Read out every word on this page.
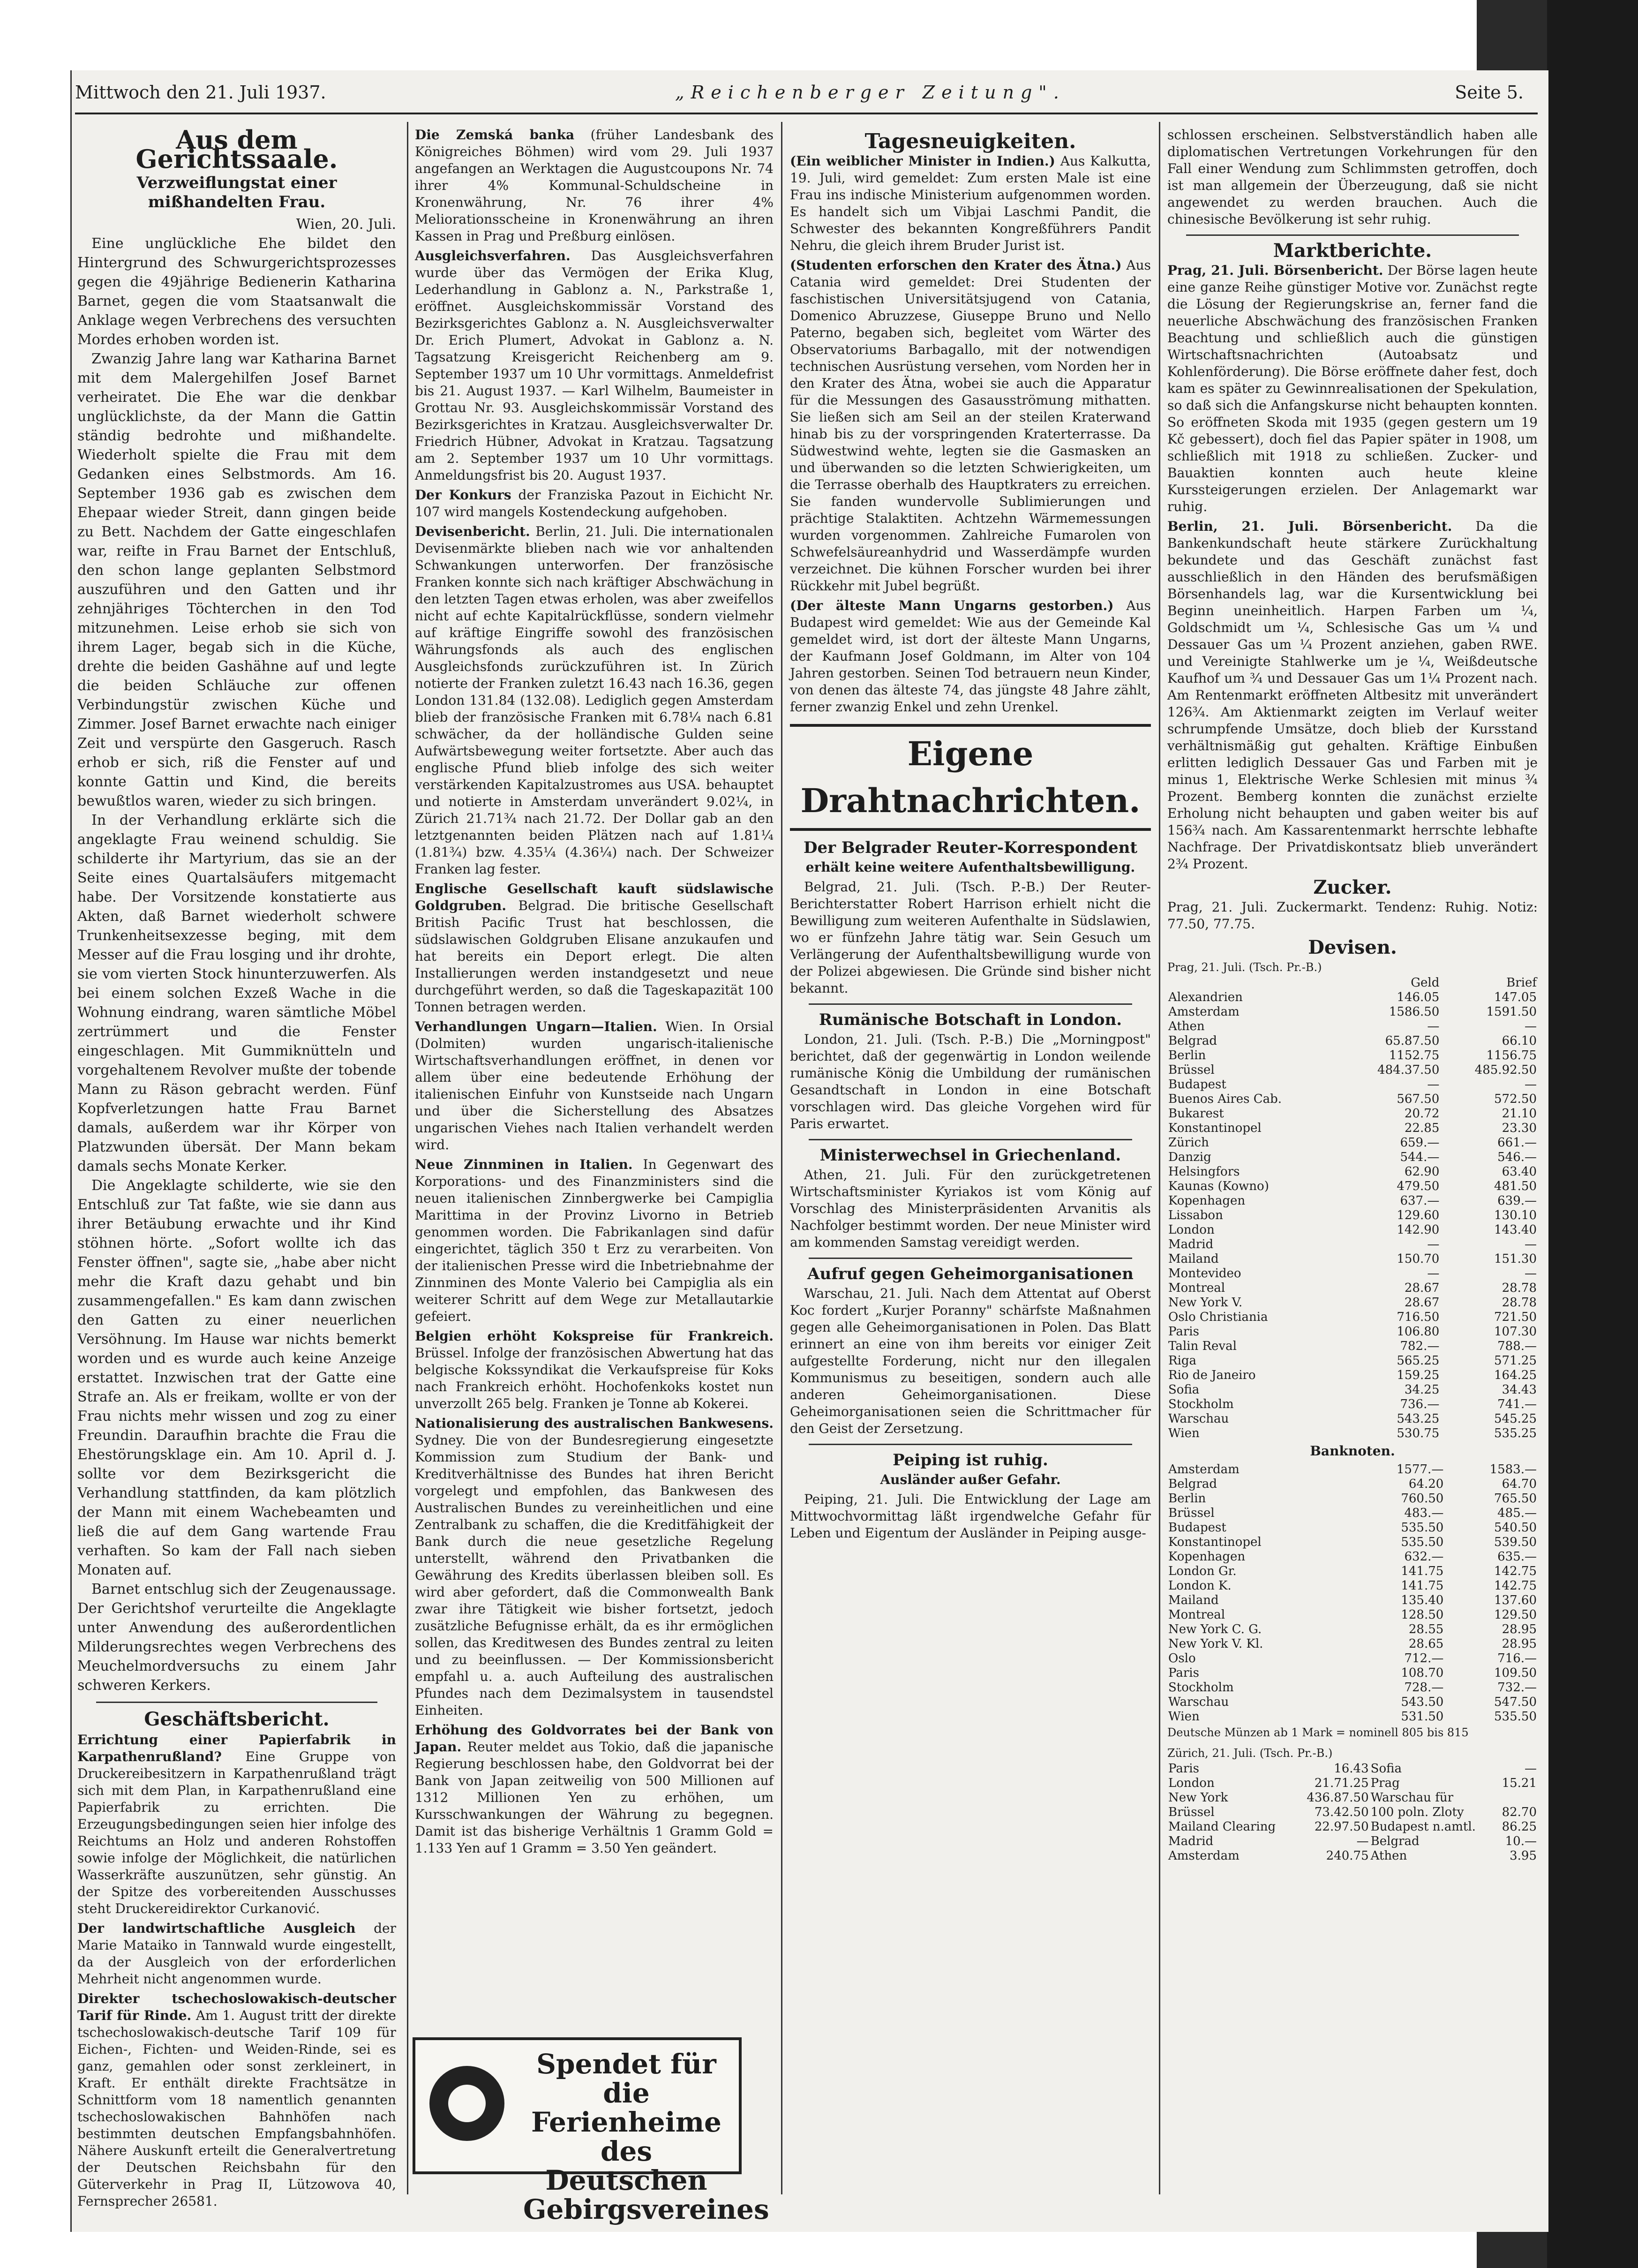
Mittwoch den 21. Juli 1937.	„Reichenberger Zeitung".	Seite 5.
Aus dem Gerichtssaale.
Verzweiflungstat einer mißhandelten Frau.
Wien, 20. Juli.

Eine unglückliche Ehe bildet den Hintergrund des Schwurgerichtsprozesses gegen die 49jährige Bedienerin Katharina Barnet, gegen die vom Staatsanwalt die Anklage wegen Verbrechens des versuchten Mordes erhoben worden ist.

Zwanzig Jahre lang war Katharina Barnet mit dem Malergehilfen Josef Barnet verheiratet. Die Ehe war die denkbar unglücklichste, da der Mann die Gattin ständig bedrohte und mißhandelte. Wiederholt spielte die Frau mit dem Gedanken eines Selbstmords. Am 16. September 1936 gab es zwischen dem Ehepaar wieder Streit, dann gingen beide zu Bett. Nachdem der Gatte eingeschlafen war, reifte in Frau Barnet der Entschluß, den schon lange geplanten Selbstmord auszuführen und den Gatten und ihr zehnjähriges Töchterchen in den Tod mitzunehmen. Leise erhob sie sich von ihrem Lager, begab sich in die Küche, drehte die beiden Gashähne auf und legte die beiden Schläuche zur offenen Verbindungstür zwischen Küche und Zimmer. Josef Barnet erwachte nach einiger Zeit und verspürte den Gasgeruch. Rasch erhob er sich, riß die Fenster auf und konnte Gattin und Kind, die bereits bewußtlos waren, wieder zu sich bringen.

In der Verhandlung erklärte sich die angeklagte Frau weinend schuldig. Sie schilderte ihr Martyrium, das sie an der Seite eines Quartalsäufers mitgemacht habe. Der Vorsitzende konstatierte aus Akten, daß Barnet wiederholt schwere Trunkenheitsexzesse beging, mit dem Messer auf die Frau losging und ihr drohte, sie vom vierten Stock hinunterzuwerfen. Als bei einem solchen Exzeß Wache in die Wohnung eindrang, waren sämtliche Möbel zertrümmert und die Fenster eingeschlagen. Mit Gummiknütteln und vorgehaltenem Revolver mußte der tobende Mann zu Räson gebracht werden. Fünf Kopfverletzungen hatte Frau Barnet damals, außerdem war ihr Körper von Platzwunden übersät. Der Mann bekam damals sechs Monate Kerker.

Die Angeklagte schilderte, wie sie den Entschluß zur Tat faßte, wie sie dann aus ihrer Betäubung erwachte und ihr Kind stöhnen hörte. „Sofort wollte ich das Fenster öffnen", sagte sie, „habe aber nicht mehr die Kraft dazu gehabt und bin zusammengefallen." Es kam dann zwischen den Gatten zu einer neuerlichen Versöhnung. Im Hause war nichts bemerkt worden und es wurde auch keine Anzeige erstattet. Inzwischen trat der Gatte eine Strafe an. Als er freikam, wollte er von der Frau nichts mehr wissen und zog zu einer Freundin. Daraufhin brachte die Frau die Ehestörungsklage ein. Am 10. April d. J. sollte vor dem Bezirksgericht die Verhandlung stattfinden, da kam plötzlich der Mann mit einem Wachebeamten und ließ die auf dem Gang wartende Frau verhaften. So kam der Fall nach sieben Monaten auf.

Barnet entschlug sich der Zeugenaussage. Der Gerichtshof verurteilte die Angeklagte unter Anwendung des außerordentlichen Milderungsrechtes wegen Verbrechens des Meuchelmordversuchs zu einem Jahr schweren Kerkers.

Geschäftsbericht.
Errichtung einer Papierfabrik in Karpathenrußland? Eine Gruppe von Druckereibesitzern in Karpathenrußland trägt sich mit dem Plan, in Karpathenrußland eine Papierfabrik zu errichten. Die Erzeugungsbedingungen seien hier infolge des Reichtums an Holz und anderen Rohstoffen sowie infolge der Möglichkeit, die natürlichen Wasserkräfte auszunützen, sehr günstig. An der Spitze des vorbereitenden Ausschusses steht Druckereidirektor Curkanović.
Der landwirtschaftliche Ausgleich der Marie Mataiko in Tannwald wurde eingestellt, da der Ausgleich von der erforderlichen Mehrheit nicht angenommen wurde.
Direkter tschechoslowakisch-deutscher Tarif für Rinde. Am 1. August tritt der direkte tschechoslowakisch-deutsche Tarif 109 für Eichen-, Fichten- und Weiden-Rinde, sei es ganz, gemahlen oder sonst zerkleinert, in Kraft. Er enthält direkte Frachtsätze in Schnittform vom 18 namentlich genannten tschechoslowakischen Bahnhöfen nach bestimmten deutschen Empfangsbahnhöfen. Nähere Auskunft erteilt die Generalvertretung der Deutschen Reichsbahn für den Güterverkehr in Prag II, Lützowova 40, Fernsprecher 26581.
Die Zemská banka (früher Landesbank des Königreiches Böhmen) wird vom 29. Juli 1937 angefangen an Werktagen die Augustcoupons Nr. 74 ihrer 4% Kommunal-Schuldscheine in Kronenwährung, Nr. 76 ihrer 4% Meliorationsscheine in Kronenwährung an ihren Kassen in Prag und Preßburg einlösen.
Ausgleichsverfahren. Das Ausgleichsverfahren wurde über das Vermögen der Erika Klug, Lederhandlung in Gablonz a. N., Parkstraße 1, eröffnet. Ausgleichskommissär Vorstand des Bezirksgerichtes Gablonz a. N. Ausgleichsverwalter Dr. Erich Plumert, Advokat in Gablonz a. N. Tagsatzung Kreisgericht Reichenberg am 9. September 1937 um 10 Uhr vormittags. Anmeldefrist bis 21. August 1937. — Karl Wilhelm, Baumeister in Grottau Nr. 93. Ausgleichskommissär Vorstand des Bezirksgerichtes in Kratzau. Ausgleichsverwalter Dr. Friedrich Hübner, Advokat in Kratzau. Tagsatzung am 2. September 1937 um 10 Uhr vormittags. Anmeldungsfrist bis 20. August 1937.
Der Konkurs der Franziska Pazout in Eichicht Nr. 107 wird mangels Kostendeckung aufgehoben.
Devisenbericht. Berlin, 21. Juli. Die internationalen Devisenmärkte blieben nach wie vor anhaltenden Schwankungen unterworfen. Der französische Franken konnte sich nach kräftiger Abschwächung in den letzten Tagen etwas erholen, was aber zweifellos nicht auf echte Kapitalrückflüsse, sondern vielmehr auf kräftige Eingriffe sowohl des französischen Währungsfonds als auch des englischen Ausgleichsfonds zurückzuführen ist. In Zürich notierte der Franken zuletzt 16.43 nach 16.36, gegen London 131.84 (132.08). Lediglich gegen Amsterdam blieb der französische Franken mit 6.78¼ nach 6.81 schwächer, da der holländische Gulden seine Aufwärtsbewegung weiter fortsetzte. Aber auch das englische Pfund blieb infolge des sich weiter verstärkenden Kapitalzustromes aus USA. behauptet und notierte in Amsterdam unverändert 9.02¼, in Zürich 21.71¾ nach 21.72. Der Dollar gab an den letztgenannten beiden Plätzen nach auf 1.81¼ (1.81¾) bzw. 4.35¼ (4.36¼) nach. Der Schweizer Franken lag fester.
Englische Gesellschaft kauft südslawische Goldgruben. Belgrad. Die britische Gesellschaft British Pacific Trust hat beschlossen, die südslawischen Goldgruben Elisane anzukaufen und hat bereits ein Deport erlegt. Die alten Installierungen werden instandgesetzt und neue durchgeführt werden, so daß die Tageskapazität 100 Tonnen betragen werden.
Verhandlungen Ungarn—Italien. Wien. In Orsial (Dolmiten) wurden ungarisch-italienische Wirtschaftsverhandlungen eröffnet, in denen vor allem über eine bedeutende Erhöhung der italienischen Einfuhr von Kunstseide nach Ungarn und über die Sicherstellung des Absatzes ungarischen Viehes nach Italien verhandelt werden wird.
Neue Zinnminen in Italien. In Gegenwart des Korporations- und des Finanzministers sind die neuen italienischen Zinnbergwerke bei Campiglia Marittima in der Provinz Livorno in Betrieb genommen worden. Die Fabrikanlagen sind dafür eingerichtet, täglich 350 t Erz zu verarbeiten. Von der italienischen Presse wird die Inbetriebnahme der Zinnminen des Monte Valerio bei Campiglia als ein weiterer Schritt auf dem Wege zur Metallautarkie gefeiert.
Belgien erhöht Kokspreise für Frankreich. Brüssel. Infolge der französischen Abwertung hat das belgische Kokssyndikat die Verkaufspreise für Koks nach Frankreich erhöht. Hochofenkoks kostet nun unverzollt 265 belg. Franken je Tonne ab Kokerei.
Nationalisierung des australischen Bankwesens. Sydney. Die von der Bundesregierung eingesetzte Kommission zum Studium der Bank- und Kreditverhältnisse des Bundes hat ihren Bericht vorgelegt und empfohlen, das Bankwesen des Australischen Bundes zu vereinheitlichen und eine Zentralbank zu schaffen, die die Kreditfähigkeit der Bank durch die neue gesetzliche Regelung unterstellt, während den Privatbanken die Gewährung des Kredits überlassen bleiben soll. Es wird aber gefordert, daß die Commonwealth Bank zwar ihre Tätigkeit wie bisher fortsetzt, jedoch zusätzliche Befugnisse erhält, da es ihr ermöglichen sollen, das Kreditwesen des Bundes zentral zu leiten und zu beeinflussen. — Der Kommissionsbericht empfahl u. a. auch Aufteilung des australischen Pfundes nach dem Dezimalsystem in tausendstel Einheiten.
Erhöhung des Goldvorrates bei der Bank von Japan. Reuter meldet aus Tokio, daß die japanische Regierung beschlossen habe, den Goldvorrat bei der Bank von Japan zeitweilig von 500 Millionen auf 1312 Millionen Yen zu erhöhen, um Kursschwankungen der Währung zu begegnen. Damit ist das bisherige Verhältnis 1 Gramm Gold = 1.133 Yen auf 1 Gramm = 3.50 Yen geändert.
Spendet für die Ferienheime des Deutschen Gebirgsvereines
Tagesneuigkeiten.
(Ein weiblicher Minister in Indien.) Aus Kalkutta, 19. Juli, wird gemeldet: Zum ersten Male ist eine Frau ins indische Ministerium aufgenommen worden. Es handelt sich um Vibjai Laschmi Pandit, die Schwester des bekannten Kongreßführers Pandit Nehru, die gleich ihrem Bruder Jurist ist.
(Studenten erforschen den Krater des Ätna.) Aus Catania wird gemeldet: Drei Studenten der faschistischen Universitätsjugend von Catania, Domenico Abruzzese, Giuseppe Bruno und Nello Paterno, begaben sich, begleitet vom Wärter des Observatoriums Barbagallo, mit der notwendigen technischen Ausrüstung versehen, vom Norden her in den Krater des Ätna, wobei sie auch die Apparatur für die Messungen des Gasausströmung mithatten. Sie ließen sich am Seil an der steilen Kraterwand hinab bis zu der vorspringenden Kraterterrasse. Da Südwestwind wehte, legten sie die Gasmasken an und überwanden so die letzten Schwierigkeiten, um die Terrasse oberhalb des Hauptkraters zu erreichen. Sie fanden wundervolle Sublimierungen und prächtige Stalaktiten. Achtzehn Wärmemessungen wurden vorgenommen. Zahlreiche Fumarolen von Schwefelsäureanhydrid und Wasserdämpfe wurden verzeichnet. Die kühnen Forscher wurden bei ihrer Rückkehr mit Jubel begrüßt.
(Der älteste Mann Ungarns gestorben.) Aus Budapest wird gemeldet: Wie aus der Gemeinde Kal gemeldet wird, ist dort der älteste Mann Ungarns, der Kaufmann Josef Goldmann, im Alter von 104 Jahren gestorben. Seinen Tod betrauern neun Kinder, von denen das älteste 74, das jüngste 48 Jahre zählt, ferner zwanzig Enkel und zehn Urenkel.
Eigene Drahtnachrichten.
Der Belgrader Reuter-Korrespondent
erhält keine weitere Aufenthaltsbewilligung.

Belgrad, 21. Juli. (Tsch. P.-B.) Der Reuter-Berichterstatter Robert Harrison erhielt nicht die Bewilligung zum weiteren Aufenthalte in Südslawien, wo er fünfzehn Jahre tätig war. Sein Gesuch um Verlängerung der Aufenthaltsbewilligung wurde von der Polizei abgewiesen. Die Gründe sind bisher nicht bekannt.

Rumänische Botschaft in London.

London, 21. Juli. (Tsch. P.-B.) Die „Morningpost" berichtet, daß der gegenwärtig in London weilende rumänische König die Umbildung der rumänischen Gesandtschaft in London in eine Botschaft vorschlagen wird. Das gleiche Vorgehen wird für Paris erwartet.

Ministerwechsel in Griechenland.

Athen, 21. Juli. Für den zurückgetretenen Wirtschaftsminister Kyriakos ist vom König auf Vorschlag des Ministerpräsidenten Arvanitis als Nachfolger bestimmt worden. Der neue Minister wird am kommenden Samstag vereidigt werden.

Aufruf gegen Geheimorganisationen

Warschau, 21. Juli. Nach dem Attentat auf Oberst Koc fordert „Kurjer Poranny" schärfste Maßnahmen gegen alle Geheimorganisationen in Polen. Das Blatt erinnert an eine von ihm bereits vor einiger Zeit aufgestellte Forderung, nicht nur den illegalen Kommunismus zu beseitigen, sondern auch alle anderen Geheimorganisationen. Diese Geheimorganisationen seien die Schrittmacher für den Geist der Zersetzung.

Peiping ist ruhig.
Ausländer außer Gefahr.

Peiping, 21. Juli. Die Entwicklung der Lage am Mittwochvormittag läßt irgendwelche Gefahr für Leben und Eigentum der Ausländer in Peiping ausge-

schlossen erscheinen. Selbstverständlich haben alle diplomatischen Vertretungen Vorkehrungen für den Fall einer Wendung zum Schlimmsten getroffen, doch ist man allgemein der Überzeugung, daß sie nicht angewendet zu werden brauchen. Auch die chinesische Bevölkerung ist sehr ruhig.
Marktberichte.
Prag, 21. Juli. Börsenbericht. Der Börse lagen heute eine ganze Reihe günstiger Motive vor. Zunächst regte die Lösung der Regierungskrise an, ferner fand die neuerliche Abschwächung des französischen Franken Beachtung und schließlich auch die günstigen Wirtschaftsnachrichten (Autoabsatz und Kohlenförderung). Die Börse eröffnete daher fest, doch kam es später zu Gewinnrealisationen der Spekulation, so daß sich die Anfangskurse nicht behaupten konnten. So eröffneten Skoda mit 1935 (gegen gestern um 19 Kč gebessert), doch fiel das Papier später in 1908, um schließlich mit 1918 zu schließen. Zucker- und Bauaktien konnten auch heute kleine Kurssteigerungen erzielen. Der Anlagemarkt war ruhig.
Berlin, 21. Juli. Börsenbericht. Da die Bankenkundschaft heute stärkere Zurückhaltung bekundete und das Geschäft zunächst fast ausschließlich in den Händen des berufsmäßigen Börsenhandels lag, war die Kursentwicklung bei Beginn uneinheitlich. Harpen Farben um ¼, Goldschmidt um ¼, Schlesische Gas um ¼ und Dessauer Gas um ¼ Prozent anziehen, gaben RWE. und Vereinigte Stahlwerke um je ¼, Weißdeutsche Kaufhof um ¾ und Dessauer Gas um 1¼ Prozent nach. Am Rentenmarkt eröffneten Altbesitz mit unverändert 126¾. Am Aktienmarkt zeigten im Verlauf weiter schrumpfende Umsätze, doch blieb der Kursstand verhältnismäßig gut gehalten. Kräftige Einbußen erlitten lediglich Dessauer Gas und Farben mit je minus 1, Elektrische Werke Schlesien mit minus ¾ Prozent. Bemberg konnten die zunächst erzielte Erholung nicht behaupten und gaben weiter bis auf 156¾ nach. Am Kassarentenmarkt herrschte lebhafte Nachfrage. Der Privatdiskontsatz blieb unverändert 2¾ Prozent.
Zucker.
Prag, 21. Juli. Zuckermarkt. Tendenz: Ruhig. Notiz: 77.50, 77.75.
Devisen.
Prag, 21. Juli. (Tsch. Pr.-B.)
	Geld	Brief
Alexandrien	146.05	147.05
Amsterdam	1586.50	1591.50
Athen	—	—
Belgrad	65.87.50	66.10
Berlin	1152.75	1156.75
Brüssel	484.37.50	485.92.50
Budapest	—	—
Buenos Aires Cab.	567.50	572.50
Bukarest	20.72	21.10
Konstantinopel	22.85	23.30
Zürich	659.—	661.—
Danzig	544.—	546.—
Helsingfors	62.90	63.40
Kaunas (Kowno)	479.50	481.50
Kopenhagen	637.—	639.—
Lissabon	129.60	130.10
London	142.90	143.40
Madrid	—	—
Mailand	150.70	151.30
Montevideo	—	—
Montreal	28.67	28.78
New York V.	28.67	28.78
Oslo Christiania	716.50	721.50
Paris	106.80	107.30
Talin Reval	782.—	788.—
Riga	565.25	571.25
Rio de Janeiro	159.25	164.25
Sofia	34.25	34.43
Stockholm	736.—	741.—
Warschau	543.25	545.25
Wien	530.75	535.25
Banknoten.
Amsterdam	1577.—	1583.—
Belgrad	64.20	64.70
Berlin	760.50	765.50
Brüssel	483.—	485.—
Budapest	535.50	540.50
Konstantinopel	535.50	539.50
Kopenhagen	632.—	635.—
London Gr.	141.75	142.75
London K.	141.75	142.75
Mailand	135.40	137.60
Montreal	128.50	129.50
New York C. G.	28.55	28.95
New York V. Kl.	28.65	28.95
Oslo	712.—	716.—
Paris	108.70	109.50
Stockholm	728.—	732.—
Warschau	543.50	547.50
Wien	531.50	535.50
Deutsche Münzen ab 1 Mark = nominell 805 bis 815
Zürich, 21. Juli. (Tsch. Pr.-B.)
Paris	16.43	Sofia	—
London	21.71.25	Prag	15.21
New York	436.87.50	Warschau für	
Brüssel	73.42.50	100 poln. Zloty	82.70
Mailand Clearing	22.97.50	Budapest n.amtl.	86.25
Madrid	—	Belgrad	10.—
Amsterdam	240.75	Athen	3.95
